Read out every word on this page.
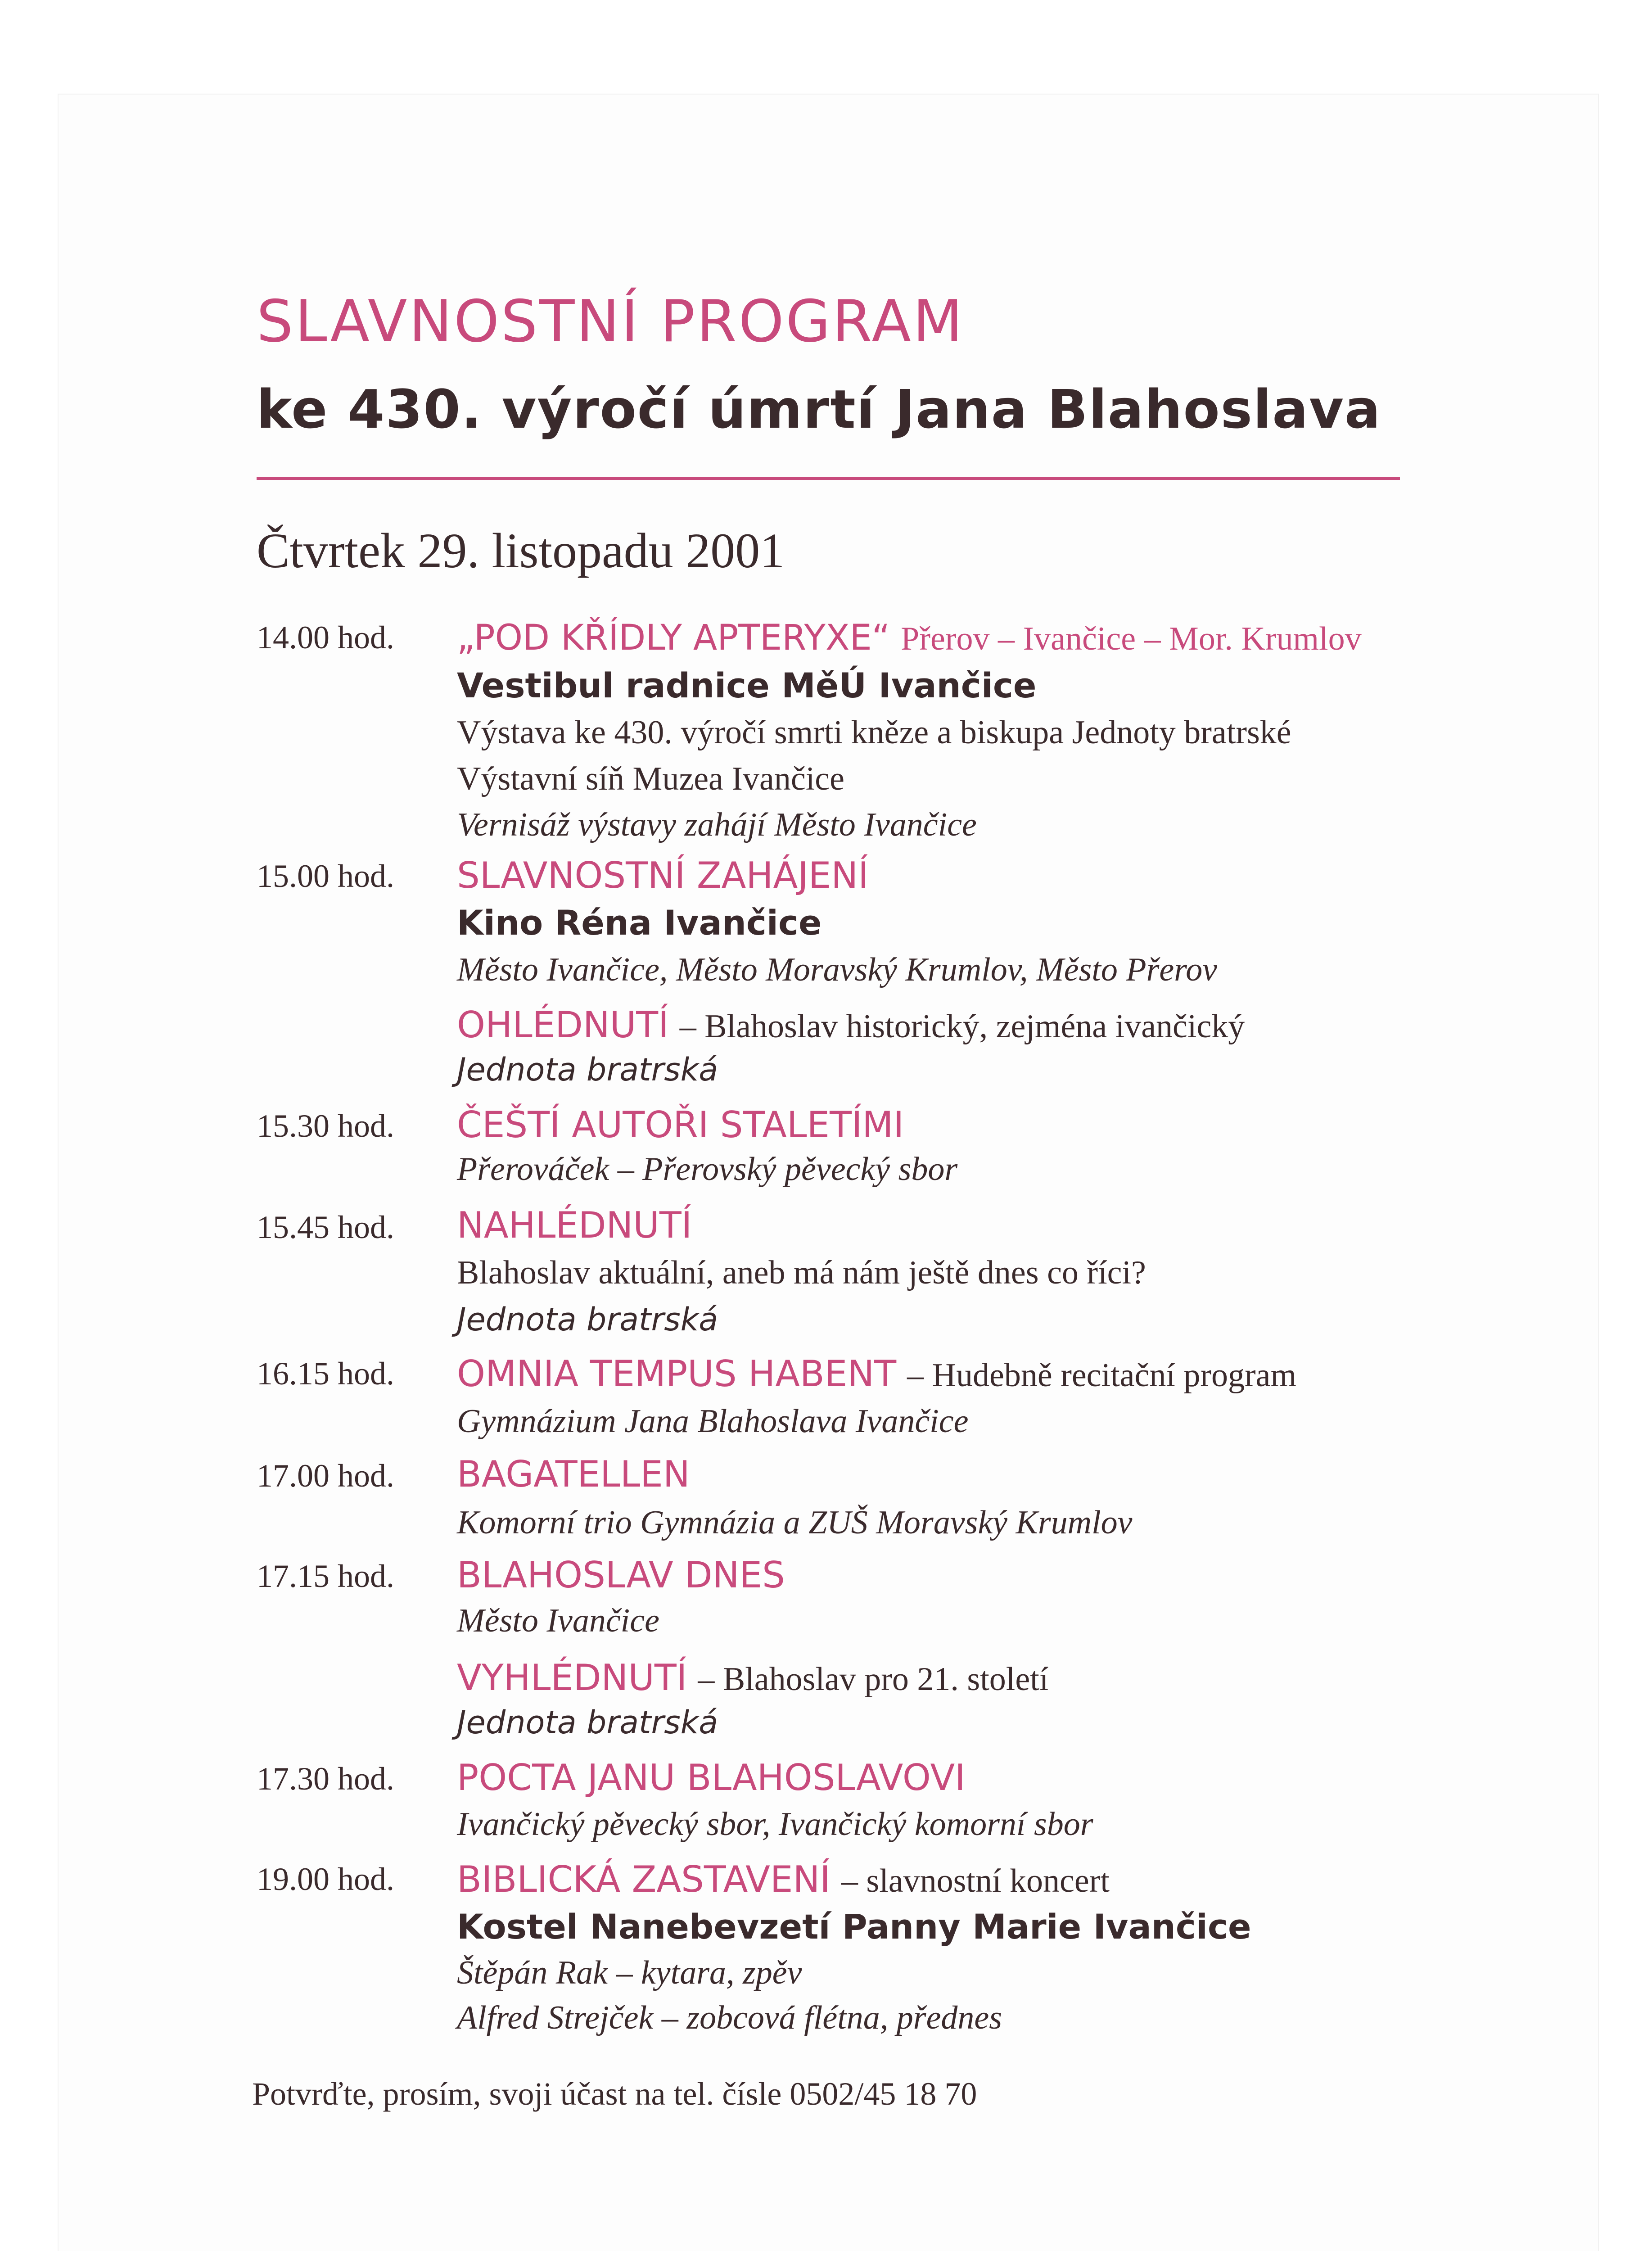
SLAVNOSTNÍ PROGRAM
ke 430. výročí úmrtí Jana Blahoslava
Čtvrtek 29. listopadu 2001
14.00 hod. „POD KŘÍDLY APTERYXE“ Přerov – Ivančice – Mor. Krumlov
Vestibul radnice MěÚ Ivančice
Výstava ke 430. výročí smrti kněze a biskupa Jednoty bratrské
Výstavní síň Muzea Ivančice
Vernisáž výstavy zahájí Město Ivančice
15.00 hod. SLAVNOSTNÍ ZAHÁJENÍ
Kino Réna Ivančice
Město Ivančice, Město Moravský Krumlov, Město Přerov
OHLÉDNUTÍ – Blahoslav historický, zejména ivančický
Jednota bratrská
15.30 hod. ČEŠTÍ AUTOŘI STALETÍMI
Přerováček – Přerovský pěvecký sbor
15.45 hod. NAHLÉDNUTÍ
Blahoslav aktuální, aneb má nám ještě dnes co říci?
Jednota bratrská
16.15 hod. OMNIA TEMPUS HABENT – Hudebně recitační program
Gymnázium Jana Blahoslava Ivančice
17.00 hod. BAGATELLEN
Komorní trio Gymnázia a ZUŠ Moravský Krumlov
17.15 hod. BLAHOSLAV DNES
Město Ivančice
VYHLÉDNUTÍ – Blahoslav pro 21. století
Jednota bratrská
17.30 hod. POCTA JANU BLAHOSLAVOVI
Ivančický pěvecký sbor, Ivančický komorní sbor
19.00 hod. BIBLICKÁ ZASTAVENÍ – slavnostní koncert
Kostel Nanebevzetí Panny Marie Ivančice
Štěpán Rak – kytara, zpěv
Alfred Strejček – zobcová flétna, přednes
Potvrďte, prosím, svoji účast na tel. čísle 0502/45 18 70
